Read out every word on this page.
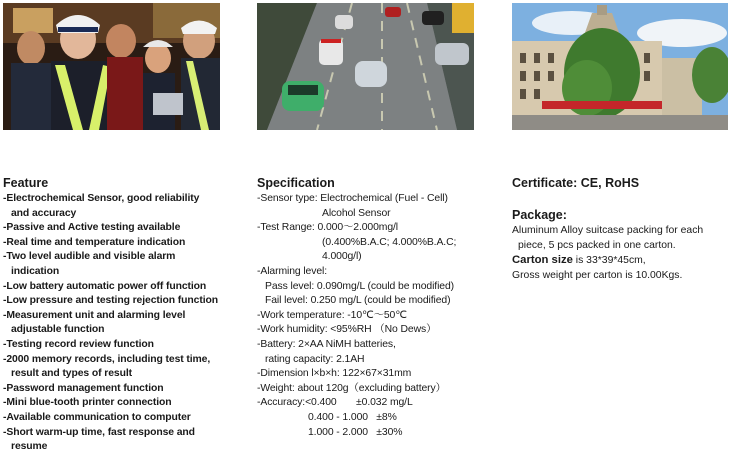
Feature
-Electrochemical Sensor, good reliability
and accuracy
-Passive and Active testing available
-Real time and temperature indication
-Two level audible and visible alarm
indication
-Low battery automatic power off function
-Low pressure and testing rejection function
-Measurement unit and alarming level
adjustable function
-Testing record review function
-2000 memory records, including test time,
result and types of result
-Password management function
-Mini blue-tooth printer connection
-Available communication to computer
-Short warm-up time, fast response and
resume
Specification
-Sensor type: Electrochemical (Fuel - Cell)
Alcohol Sensor
-Test Range: 0.000～2.000mg/l
(0.400%B.A.C; 4.000%B.A.C;
4.000g/l)
-Alarming level:
Pass level: 0.090mg/L (could be modified)
Fail level: 0.250 mg/L (could be modified)
-Work temperature: -10℃～50℃
-Work humidity: <95%RH （No Dews）
-Battery: 2×AA NiMH batteries,
rating capacity: 2.1AH
-Dimension l×b×h: 122×67×31mm
-Weight: about 120g（excluding battery）
-Accuracy:<0.400       ±0.032 mg/L
0.400 - 1.000   ±8%
1.000 - 2.000   ±30%
Certificate: CE, RoHS
Package:
Aluminum Alloy suitcase packing for each
piece, 5 pcs packed in one carton.
Carton size is 33*39*45cm,
Gross weight per carton is 10.00Kgs.
